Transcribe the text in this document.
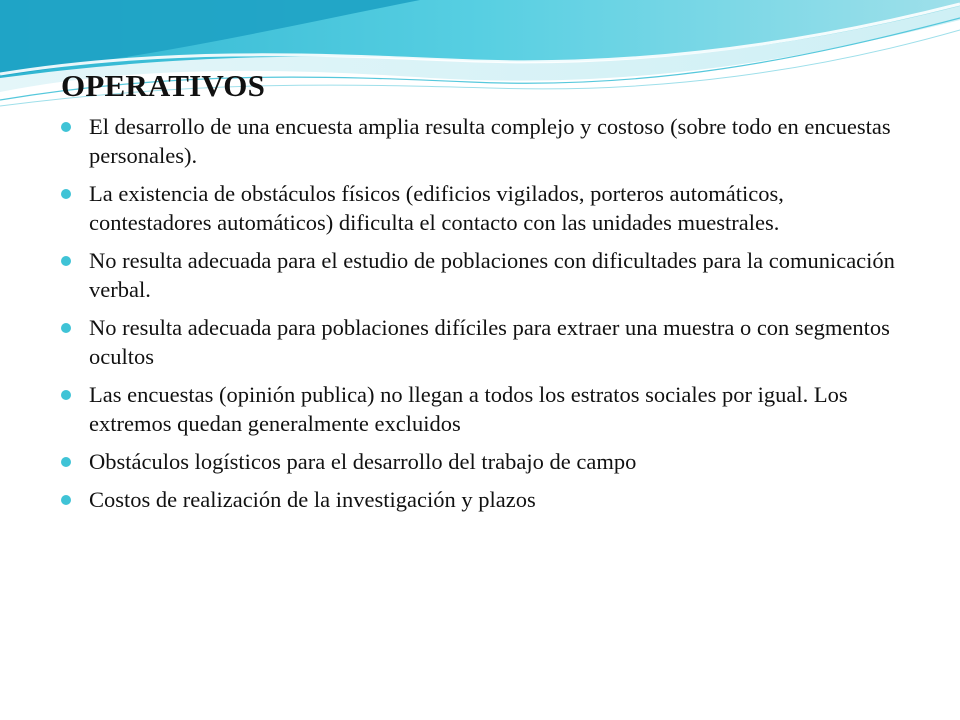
OPERATIVOS
El desarrollo de una encuesta amplia resulta complejo y costoso (sobre todo en encuestas personales).
La existencia de obstáculos físicos (edificios vigilados, porteros automáticos, contestadores automáticos) dificulta el contacto con las unidades muestrales.
No resulta adecuada para el estudio de poblaciones con dificultades para la comunicación verbal.
No resulta adecuada para poblaciones difíciles para extraer una muestra o con segmentos ocultos
Las encuestas (opinión publica) no llegan a todos los estratos sociales por igual. Los extremos quedan generalmente excluidos
Obstáculos logísticos para el desarrollo del trabajo de campo
Costos de realización de la investigación y plazos
